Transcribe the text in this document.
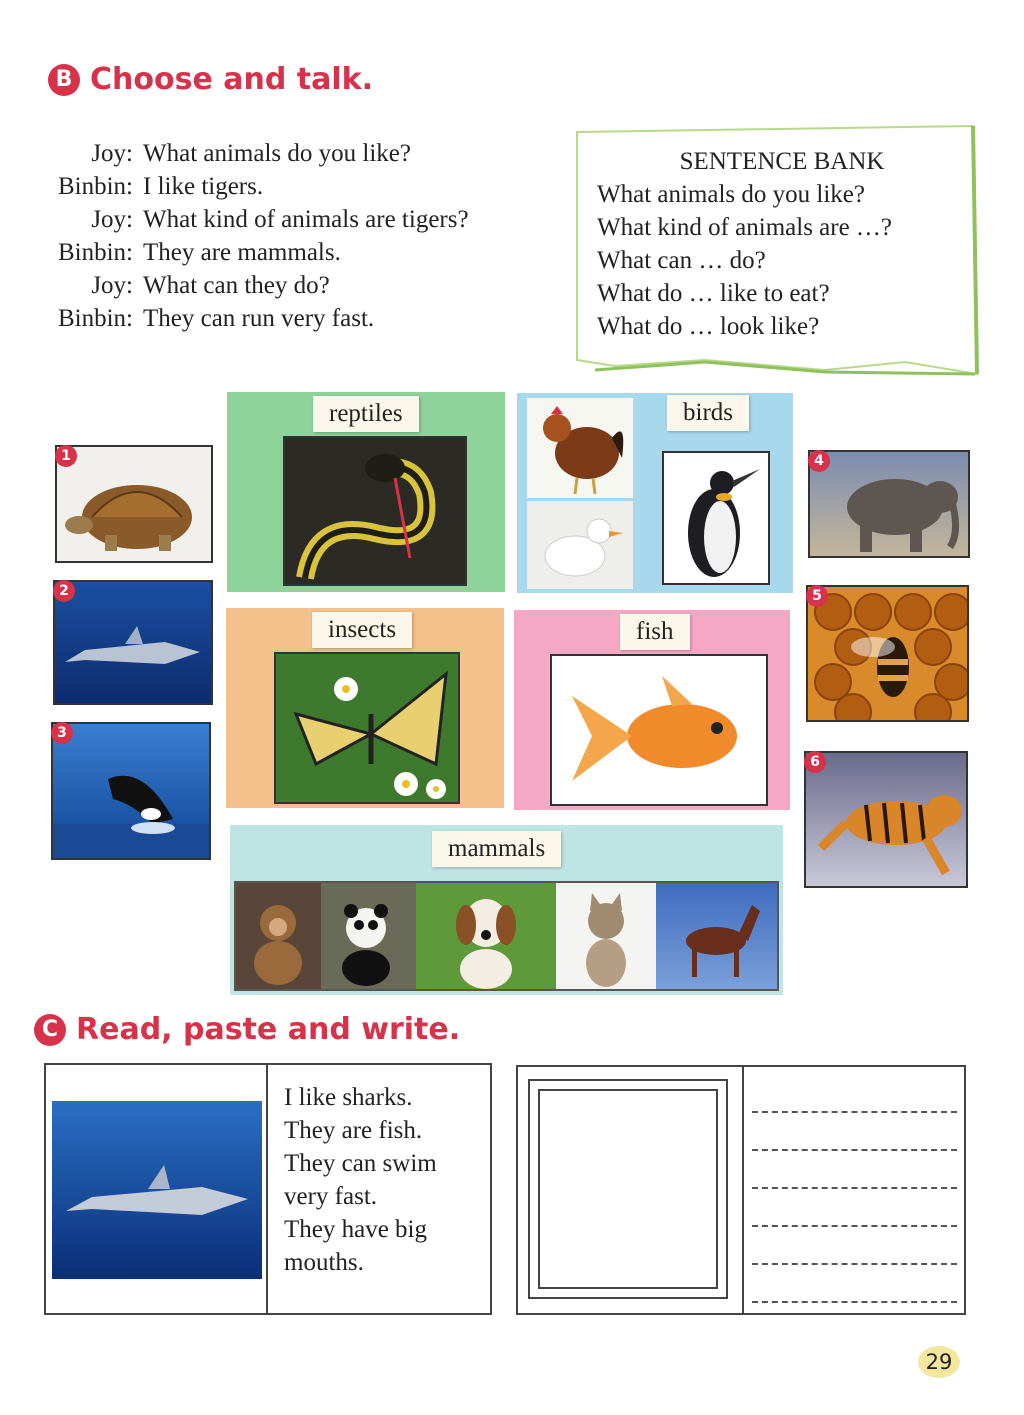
B Choose and talk.
Joy: What animals do you like?
Binbin: I like tigers.
Joy: What kind of animals are tigers?
Binbin: They are mammals.
Joy: What can they do?
Binbin: They can run very fast.
SENTENCE BANK
What animals do you like?
What kind of animals are …?
What can … do?
What do … like to eat?
What do … look like?
1
2
3
4
5
6
reptiles	birds
insects	fish
mammals
C Read, paste and write.
I like sharks.
They are fish.
They can swim
very fast.
They have big
mouths.
29
